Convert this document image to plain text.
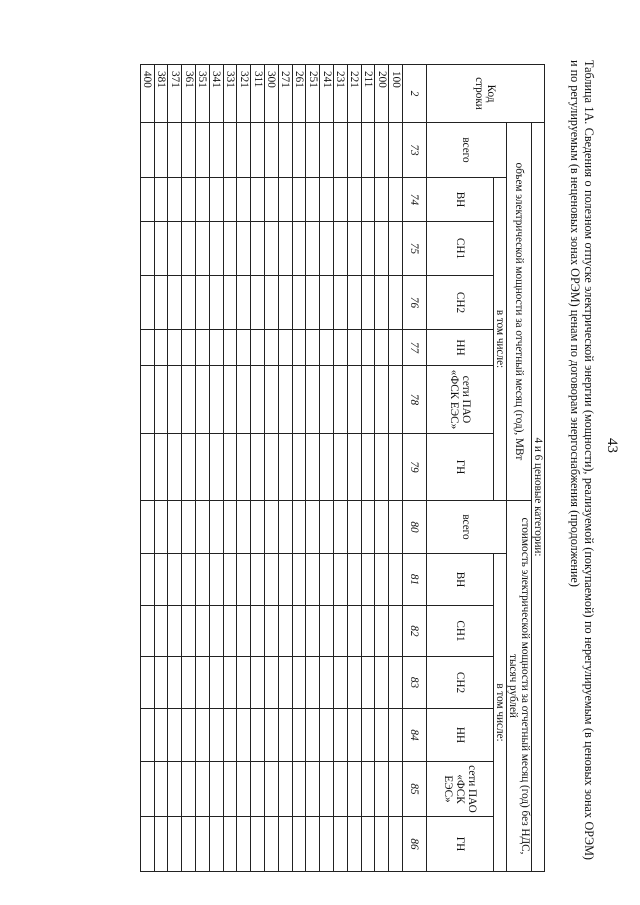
43
Таблица 1А. Сведения о полезном отпуске электрической энергии (мощности), реализуемой (покупаемой) по нерегулируемым (в ценовых зонах ОРЭМ) и по регулируемым (в неценовых зонах ОРЭМ) ценам по договорам энергоснабжения (продолжение)
Код строки	4 и 6 ценовые категории:													
	объем электрической мощности за отчетный месяц (год), МВт							стоимость электрической мощности за отчетный месяц (год) без НДС, тысяч рублей						
	всего	в том числе:						всего	в том числе:					
		ВН	СН1	СН2	НН	сети ПАО «ФСК ЕЭС»	ГН		ВН	СН1	СН2	НН	сети ПАО «ФСК ЕЭС»	ГН
2	73	74	75	76	77	78	79	80	81	82	83	84	85	86
100														
200														
211														
221														
231														
241														
251														
261														
271														
300														
311														
321														
331														
341														
351														
361														
371														
381														
400														
